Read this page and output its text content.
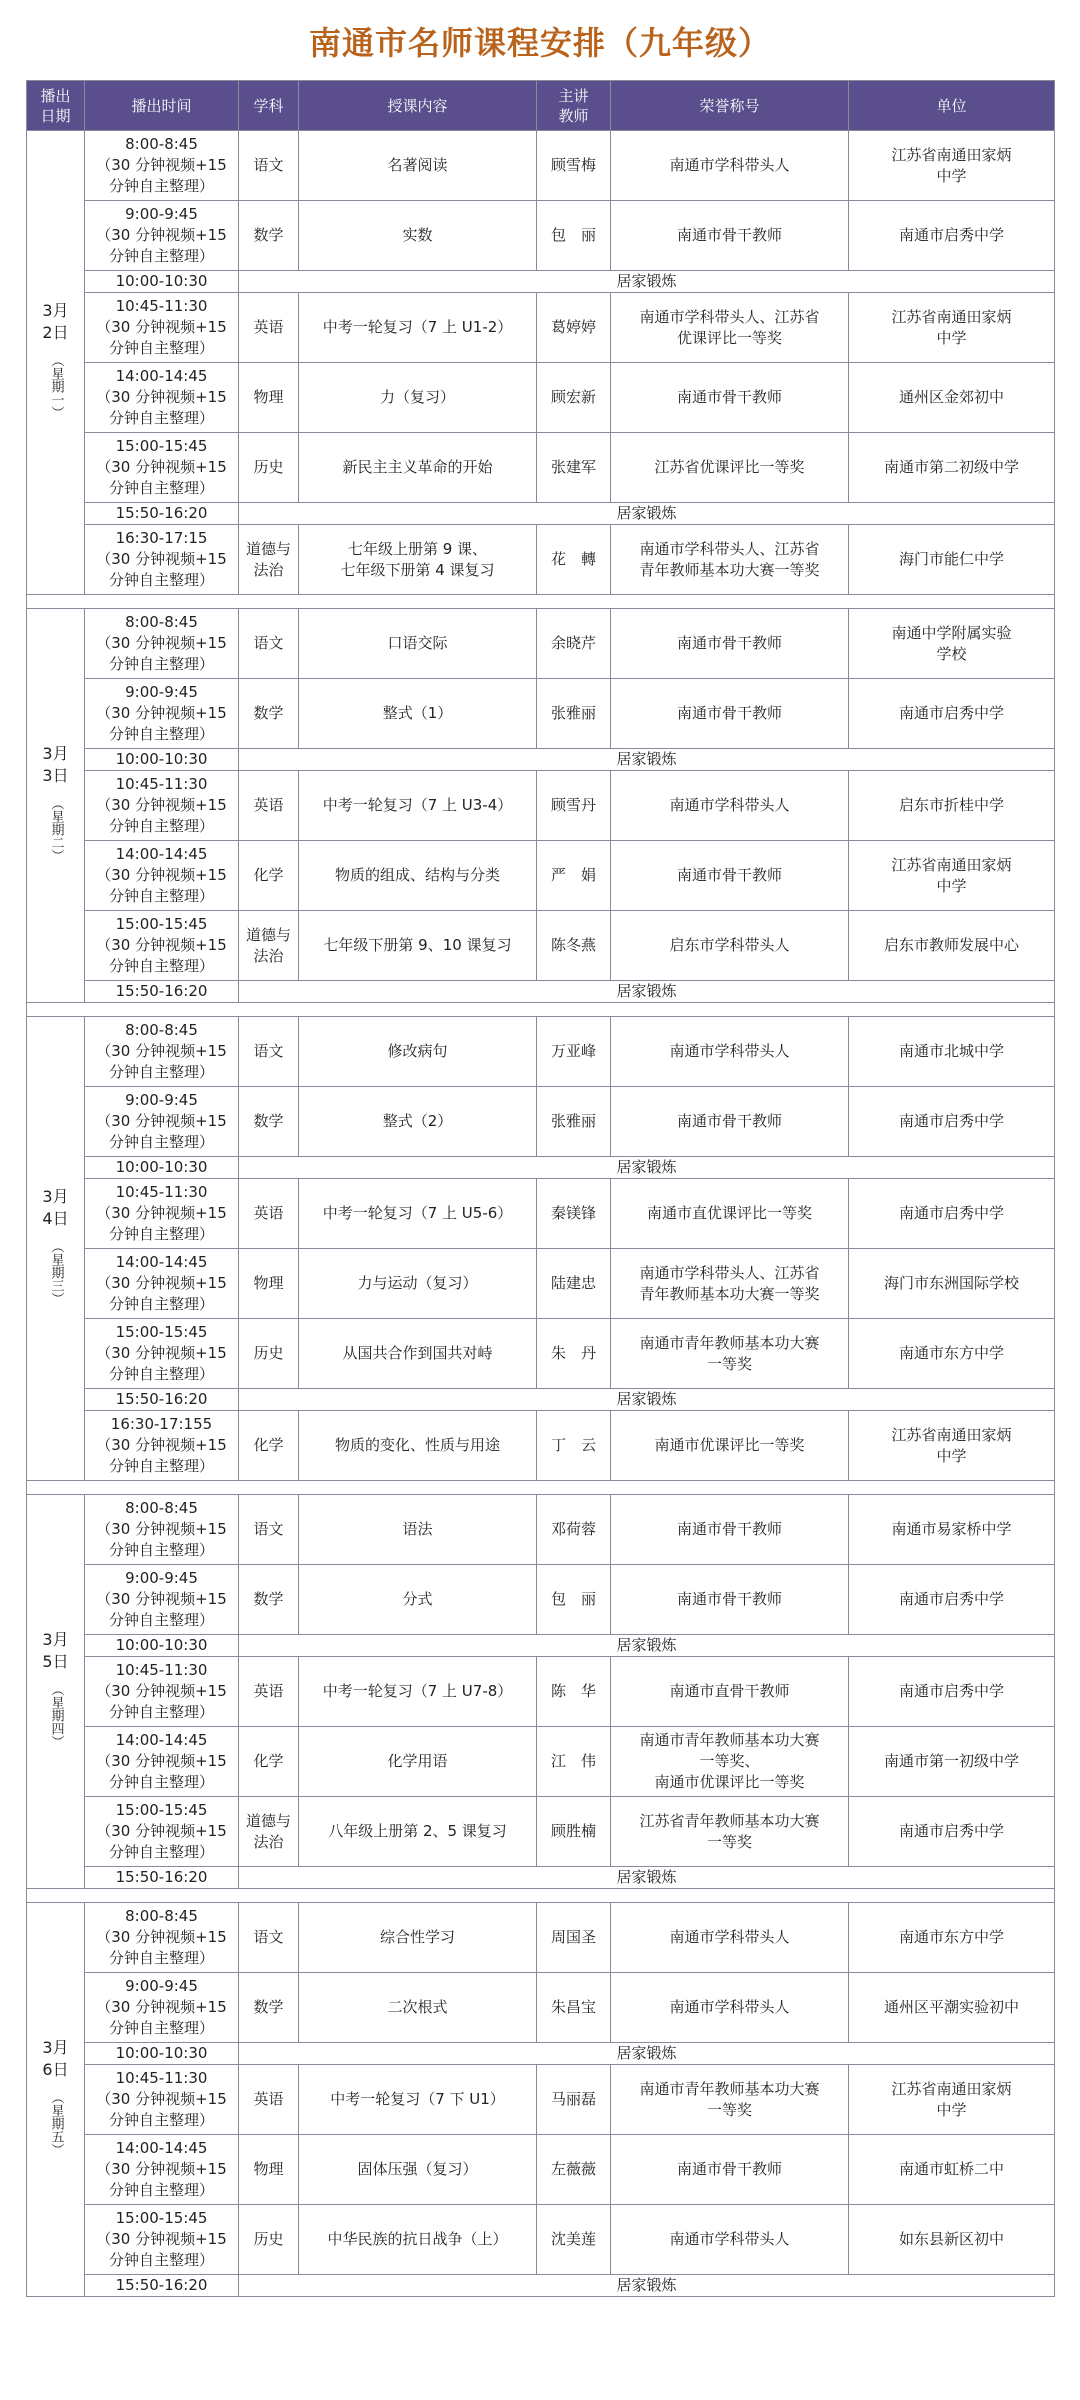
南通市名师课程安排（九年级）
播出
日期	播出时间	学科	授课内容	主讲
教师	荣誉称号	单位

3月
2日
（星期一）	8:00-8:45
（30 分钟视频+15
分钟自主整理）	语文	名著阅读	顾雪梅	南通市学科带头人	江苏省南通田家炳
中学
	9:00-9:45
（30 分钟视频+15
分钟自主整理）	数学	实数	包　丽	南通市骨干教师	南通市启秀中学
	10:00-10:30	居家锻炼				
	10:45-11:30
（30 分钟视频+15
分钟自主整理）	英语	中考一轮复习（7 上 U1-2）	葛婷婷	南通市学科带头人、江苏省
优课评比一等奖	江苏省南通田家炳
中学
	14:00-14:45
（30 分钟视频+15
分钟自主整理）	物理	力（复习）	顾宏新	南通市骨干教师	通州区金郊初中
	15:00-15:45
（30 分钟视频+15
分钟自主整理）	历史	新民主主义革命的开始	张建军	江苏省优课评比一等奖	南通市第二初级中学
	15:50-16:20	居家锻炼				
	16:30-17:15
（30 分钟视频+15
分钟自主整理）	道德与
法治	七年级上册第 9 课、
七年级下册第 4 课复习	花　轉	南通市学科带头人、江苏省
青年教师基本功大赛一等奖	海门市能仁中学

3月
3日
（星期二）	8:00-8:45
（30 分钟视频+15
分钟自主整理）	语文	口语交际	余晓芹	南通市骨干教师	南通中学附属实验
学校
	9:00-9:45
（30 分钟视频+15
分钟自主整理）	数学	整式（1）	张雅丽	南通市骨干教师	南通市启秀中学
	10:00-10:30	居家锻炼				
	10:45-11:30
（30 分钟视频+15
分钟自主整理）	英语	中考一轮复习（7 上 U3-4）	顾雪丹	南通市学科带头人	启东市折桂中学
	14:00-14:45
（30 分钟视频+15
分钟自主整理）	化学	物质的组成、结构与分类	严　娟	南通市骨干教师	江苏省南通田家炳
中学
	15:00-15:45
（30 分钟视频+15
分钟自主整理）	道德与
法治	七年级下册第 9、10 课复习	陈冬燕	启东市学科带头人	启东市教师发展中心
	15:50-16:20	居家锻炼				

3月
4日
（星期三）	8:00-8:45
（30 分钟视频+15
分钟自主整理）	语文	修改病句	万亚峰	南通市学科带头人	南通市北城中学
	9:00-9:45
（30 分钟视频+15
分钟自主整理）	数学	整式（2）	张雅丽	南通市骨干教师	南通市启秀中学
	10:00-10:30	居家锻炼				
	10:45-11:30
（30 分钟视频+15
分钟自主整理）	英语	中考一轮复习（7 上 U5-6）	秦镁锋	南通市直优课评比一等奖	南通市启秀中学
	14:00-14:45
（30 分钟视频+15
分钟自主整理）	物理	力与运动（复习）	陆建忠	南通市学科带头人、江苏省
青年教师基本功大赛一等奖	海门市东洲国际学校
	15:00-15:45
（30 分钟视频+15
分钟自主整理）	历史	从国共合作到国共对峙	朱　丹	南通市青年教师基本功大赛
一等奖	南通市东方中学
	15:50-16:20	居家锻炼				
	16:30-17:155
（30 分钟视频+15
分钟自主整理）	化学	物质的变化、性质与用途	丁　云	南通市优课评比一等奖	江苏省南通田家炳
中学

3月
5日
（星期四）	8:00-8:45
（30 分钟视频+15
分钟自主整理）	语文	语法	邓荷蓉	南通市骨干教师	南通市易家桥中学
	9:00-9:45
（30 分钟视频+15
分钟自主整理）	数学	分式	包　丽	南通市骨干教师	南通市启秀中学
	10:00-10:30	居家锻炼				
	10:45-11:30
（30 分钟视频+15
分钟自主整理）	英语	中考一轮复习（7 上 U7-8）	陈　华	南通市直骨干教师	南通市启秀中学
	14:00-14:45
（30 分钟视频+15
分钟自主整理）	化学	化学用语	江　伟	南通市青年教师基本功大赛
一等奖、
南通市优课评比一等奖	南通市第一初级中学
	15:00-15:45
（30 分钟视频+15
分钟自主整理）	道德与
法治	八年级上册第 2、5 课复习	顾胜楠	江苏省青年教师基本功大赛
一等奖	南通市启秀中学
	15:50-16:20	居家锻炼				

3月
6日
（星期五）	8:00-8:45
（30 分钟视频+15
分钟自主整理）	语文	综合性学习	周国圣	南通市学科带头人	南通市东方中学
	9:00-9:45
（30 分钟视频+15
分钟自主整理）	数学	二次根式	朱昌宝	南通市学科带头人	通州区平潮实验初中
	10:00-10:30	居家锻炼				
	10:45-11:30
（30 分钟视频+15
分钟自主整理）	英语	中考一轮复习（7 下 U1）	马丽磊	南通市青年教师基本功大赛
一等奖	江苏省南通田家炳
中学
	14:00-14:45
（30 分钟视频+15
分钟自主整理）	物理	固体压强（复习）	左薇薇	南通市骨干教师	南通市虹桥二中
	15:00-15:45
（30 分钟视频+15
分钟自主整理）	历史	中华民族的抗日战争（上）	沈美莲	南通市学科带头人	如东县新区初中
	15:50-16:20	居家锻炼				
